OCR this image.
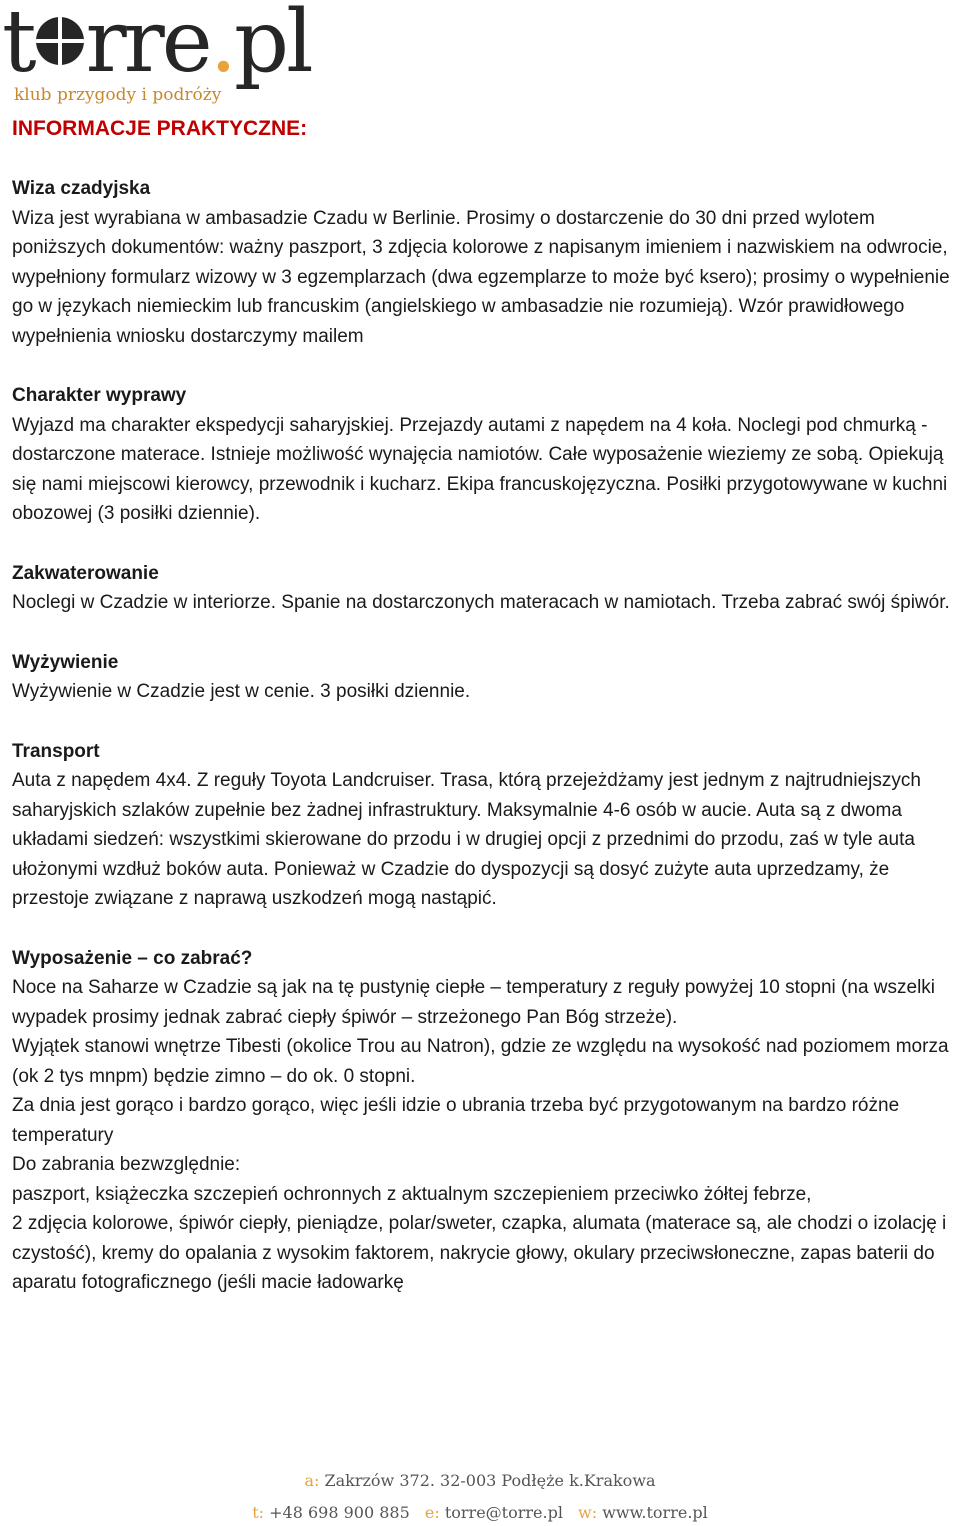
t rre.pl
klub przygody i podróży
INFORMACJE PRAKTYCZNE:
Wiza czadyjska
Wiza jest wyrabiana w ambasadzie Czadu w Berlinie. Prosimy o dostarczenie do 30 dni przed wylotem poniższych dokumentów: ważny paszport, 3 zdjęcia kolorowe z napisanym imieniem i nazwiskiem na odwrocie, wypełniony formularz wizowy w 3 egzemplarzach (dwa egzemplarze to może być ksero); prosimy o wypełnienie go w językach niemieckim lub francuskim (angielskiego w ambasadzie nie rozumieją). Wzór prawidłowego wypełnienia wniosku dostarczymy mailem
Charakter wyprawy
Wyjazd ma charakter ekspedycji saharyjskiej. Przejazdy autami z napędem na 4 koła. Noclegi pod chmurką - dostarczone materace. Istnieje możliwość wynajęcia namiotów. Całe wyposażenie wieziemy ze sobą. Opiekują się nami miejscowi kierowcy, przewodnik i kucharz. Ekipa francuskojęzyczna. Posiłki przygotowywane w kuchni obozowej (3 posiłki dziennie).
Zakwaterowanie
Noclegi w Czadzie w interiorze. Spanie na dostarczonych materacach w namiotach. Trzeba zabrać swój śpiwór.
Wyżywienie
Wyżywienie w Czadzie jest w cenie. 3 posiłki dziennie.
Transport
Auta z napędem 4x4. Z reguły Toyota Landcruiser. Trasa, którą przejeżdżamy jest jednym z najtrudniejszych saharyjskich szlaków zupełnie bez żadnej infrastruktury. Maksymalnie 4-6 osób w aucie. Auta są z dwoma układami siedzeń: wszystkimi skierowane do przodu i w drugiej opcji z przednimi do przodu, zaś w tyle auta ułożonymi wzdłuż boków auta. Ponieważ w Czadzie do dyspozycji są dosyć zużyte auta uprzedzamy, że przestoje związane z naprawą uszkodzeń mogą nastąpić.
Wyposażenie – co zabrać?
Noce na Saharze w Czadzie są jak na tę pustynię ciepłe – temperatury z reguły powyżej 10 stopni (na wszelki wypadek prosimy jednak zabrać ciepły śpiwór – strzeżonego Pan Bóg strzeże).
Wyjątek stanowi wnętrze Tibesti (okolice Trou au Natron), gdzie ze względu na wysokość nad poziomem morza (ok 2 tys mnpm) będzie zimno – do ok. 0 stopni.
Za dnia jest gorąco i bardzo gorąco, więc jeśli idzie o ubrania trzeba być przygotowanym na bardzo różne temperatury
Do zabrania bezwzględnie:
paszport, książeczka szczepień ochronnych z aktualnym szczepieniem przeciwko żółtej febrze,
2 zdjęcia kolorowe, śpiwór ciepły, pieniądze, polar/sweter, czapka, alumata (materace są, ale chodzi o izolację i czystość), kremy do opalania z wysokim faktorem, nakrycie głowy, okulary przeciwsłoneczne, zapas baterii do aparatu fotograficznego (jeśli macie ładowarkę
a: Zakrzów 372. 32-003 Podłęże k.Krakowa
t: +48 698 900 885 e: torre@torre.pl w: www.torre.pl
